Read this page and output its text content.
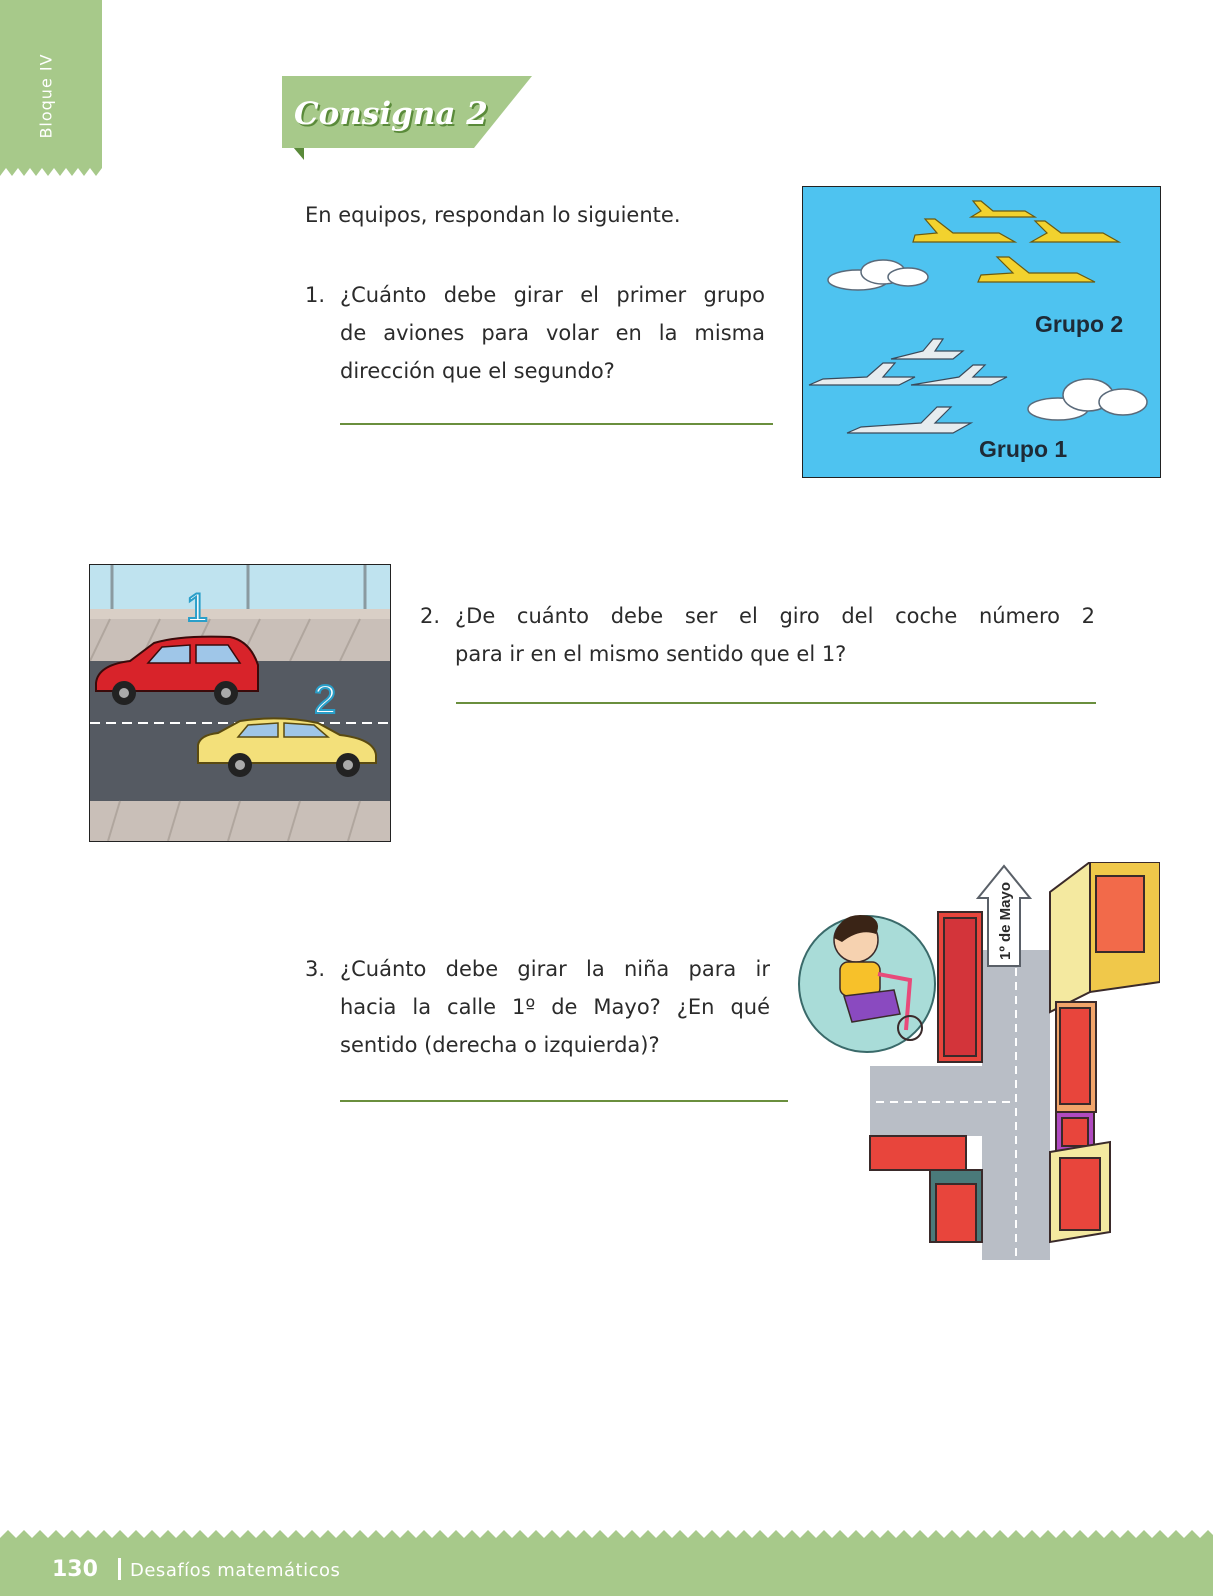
Bloque IV	Consigna 2
En equipos, respondan lo siguiente.
1. ¿Cuánto debe girar el primer grupo
de aviones para volar en la misma
dirección que el segundo?
Grupo 2
Grupo 1
1
2
2. ¿De cuánto debe ser el giro del coche número 2
para ir en el mismo sentido que el 1?
3. ¿Cuánto debe girar la niña para ir
hacia la calle 1º de Mayo? ¿En qué
sentido (derecha o izquierda)?
1º de Mayo
130 Desafíos matemáticos
